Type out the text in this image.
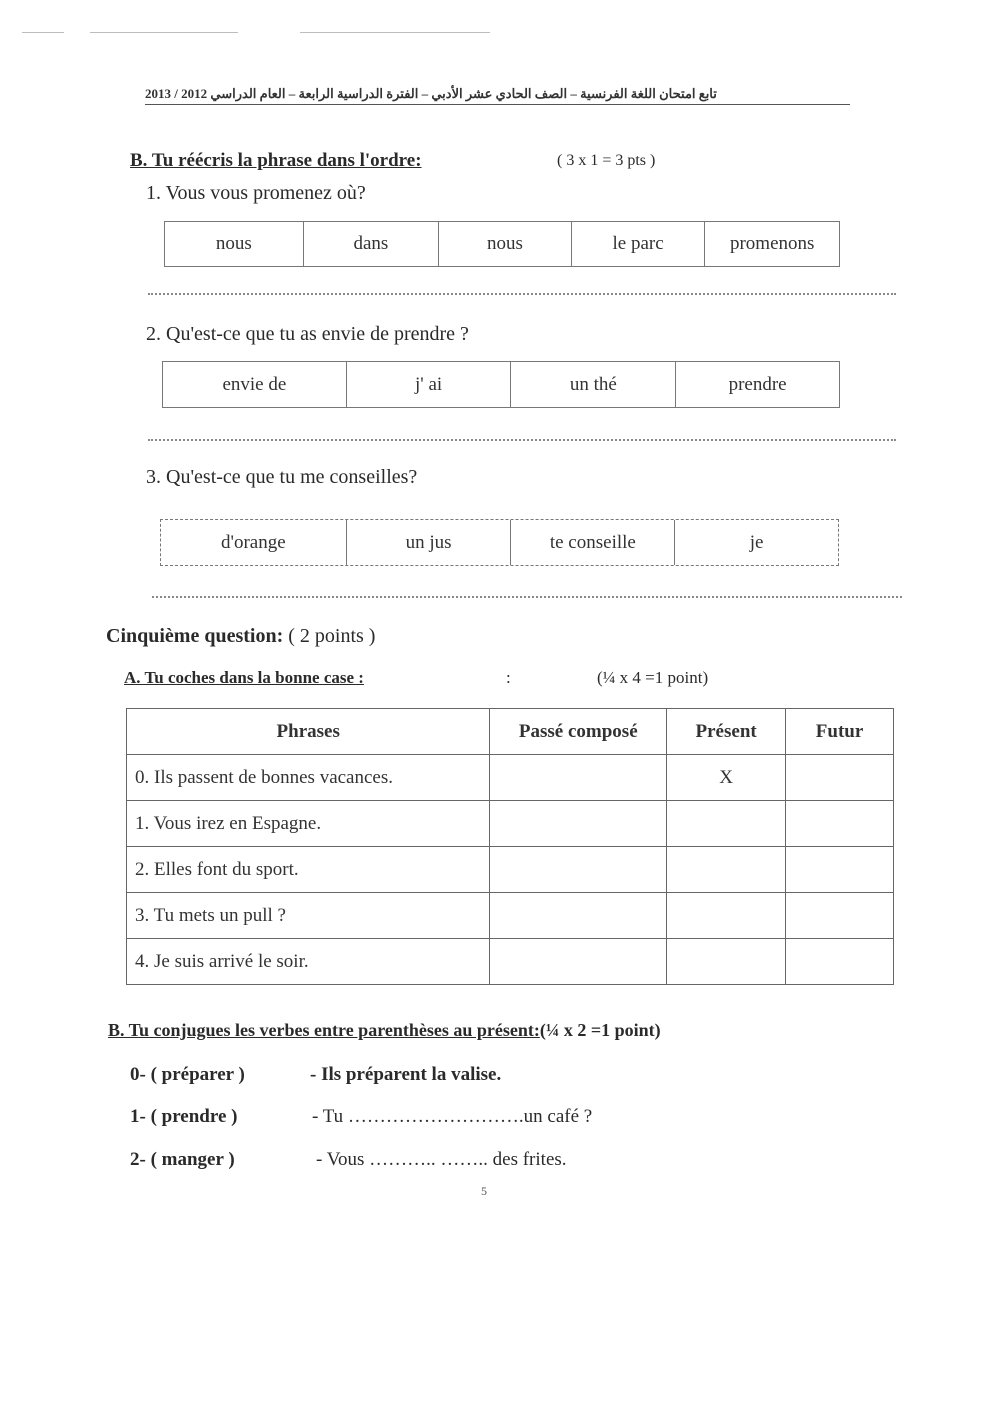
تابع امتحان اللغة الفرنسية – الصف الحادي عشر الأدبي – الفترة الدراسية الرابعة – العام الدراسي 2012 / 2013
B. Tu réécris la phrase dans l'ordre:	( 3 x 1 = 3 pts )
1. Vous vous promenez où?
nous	dans	nous	le parc	promenons
2. Qu'est-ce que tu as envie de prendre ?
envie de	j' ai	un thé	prendre
3. Qu'est-ce que tu me conseilles?
d'orange	un jus	te conseille	je
Cinquième question: ( 2 points )
A. Tu coches dans la bonne case :	:	(¼ x 4 =1 point)
Phrases	Passé composé	Présent	Futur
0. Ils passent de bonnes vacances.		X	
1. Vous irez en Espagne.			
2. Elles font du sport.			
3. Tu mets un pull ?			
4. Je suis arrivé le soir.			
B. Tu conjugues les verbes entre parenthèses au présent:(¼ x 2 =1 point)
0- ( préparer )	- Ils préparent la valise.
1- ( prendre )	- Tu ……………………….un café ?
2- ( manger )	- Vous ……….. …….. des frites.
5
